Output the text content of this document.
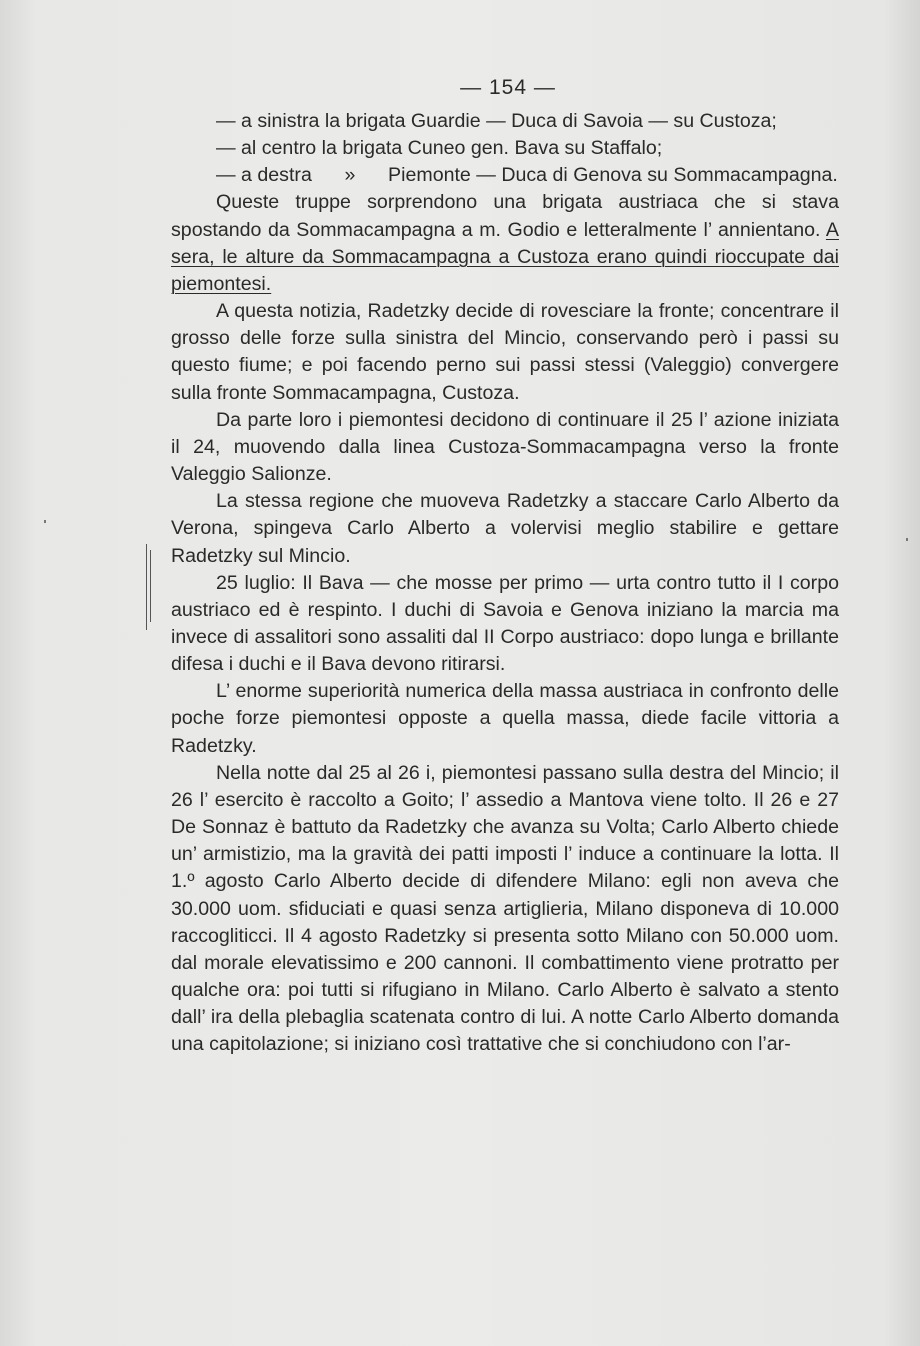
— 154 —

— a sinistra la brigata Guardie — Duca di Savoia — su Custoza;

— al centro la brigata Cuneo gen. Bava su Staffalo;

— a destra      »      Piemonte — Duca di Genova su Sommacampagna.

Queste truppe sorprendono una brigata austriaca che si stava spostando da Sommacampagna a m. Godio e letteralmente l’ annientano. A sera, le alture da Sommacampagna a Custoza erano quindi rioccupate dai piemontesi.

A questa notizia, Radetzky decide di rovesciare la fronte; concentrare il grosso delle forze sulla sinistra del Mincio, conservando però i passi su questo fiume; e poi facendo perno sui passi stessi (Valeggio) convergere sulla fronte Sommacampagna, Custoza.

Da parte loro i piemontesi decidono di continuare il 25 l’ azione iniziata il 24, muovendo dalla linea Custoza-Sommacampagna verso la fronte Valeggio Salionze.

La stessa regione che muoveva Radetzky a staccare Carlo Alberto da Verona, spingeva Carlo Alberto a volervisi meglio stabilire e gettare Radetzky sul Mincio.

25 luglio: Il Bava — che mosse per primo — urta contro tutto il I corpo austriaco ed è respinto. I duchi di Savoia e Genova iniziano la marcia ma invece di assalitori sono assaliti dal II Corpo austriaco: dopo lunga e brillante difesa i duchi e il Bava devono ritirarsi.

L’ enorme superiorità numerica della massa austriaca in confronto delle poche forze piemontesi opposte a quella massa, diede facile vittoria a Radetzky.

Nella notte dal 25 al 26 i, piemontesi passano sulla destra del Mincio; il 26 l’ esercito è raccolto a Goito; l’ assedio a Mantova viene tolto. Il 26 e 27 De Sonnaz è battuto da Radetzky che avanza su Volta; Carlo Alberto chiede un’ armistizio, ma la gravità dei patti imposti l’ induce a continuare la lotta. Il 1.º agosto Carlo Alberto decide di difendere Milano: egli non aveva che 30.000 uom. sfiduciati e quasi senza artiglieria, Milano disponeva di 10.000 raccogliticci. Il 4 agosto Radetzky si presenta sotto Milano con 50.000 uom. dal morale elevatissimo e 200 cannoni. Il combattimento viene protratto per qualche ora: poi tutti si rifugiano in Milano. Carlo Alberto è salvato a stento dall’ ira della plebaglia scatenata contro di lui. A notte Carlo Alberto domanda una capitolazione; si iniziano così trattative che si conchiudono con l’ar-
